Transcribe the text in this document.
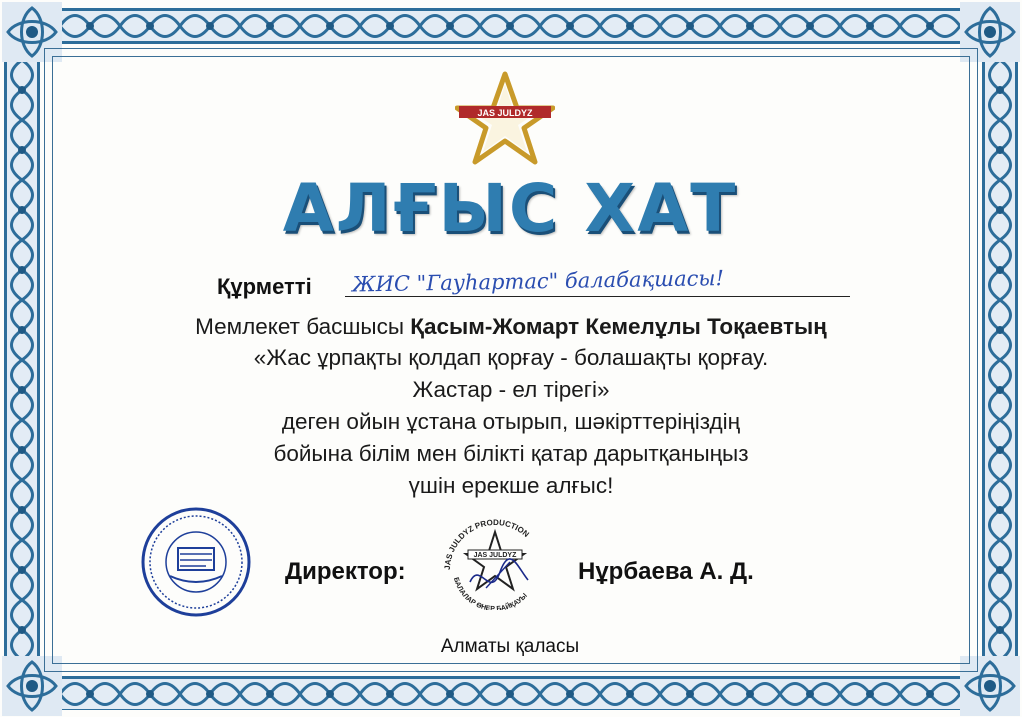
JAS JULDYZ
АЛҒЫС ХАТ
Құрметті ЖИС "Гауһартас" балабақшасы!
Мемлекет басшысы Қасым-Жомарт Кемелұлы Тоқаевтың
«Жас ұрпақты қолдап қорғау - болашақты қорғау.
Жастар - ел тірегі»
деген ойын ұстана отырып, шәкірттеріңіздің
бойына білім мен білікті қатар дарытқаныңыз
үшін ерекше алғыс!
Директор:	JAS JULDYZ PRODUCTION
БАЛАЛАР ӨНЕР БАЙҚАУЫ
JAS JULDYZ
Нұрбаева А. Д.
Алматы қаласы
